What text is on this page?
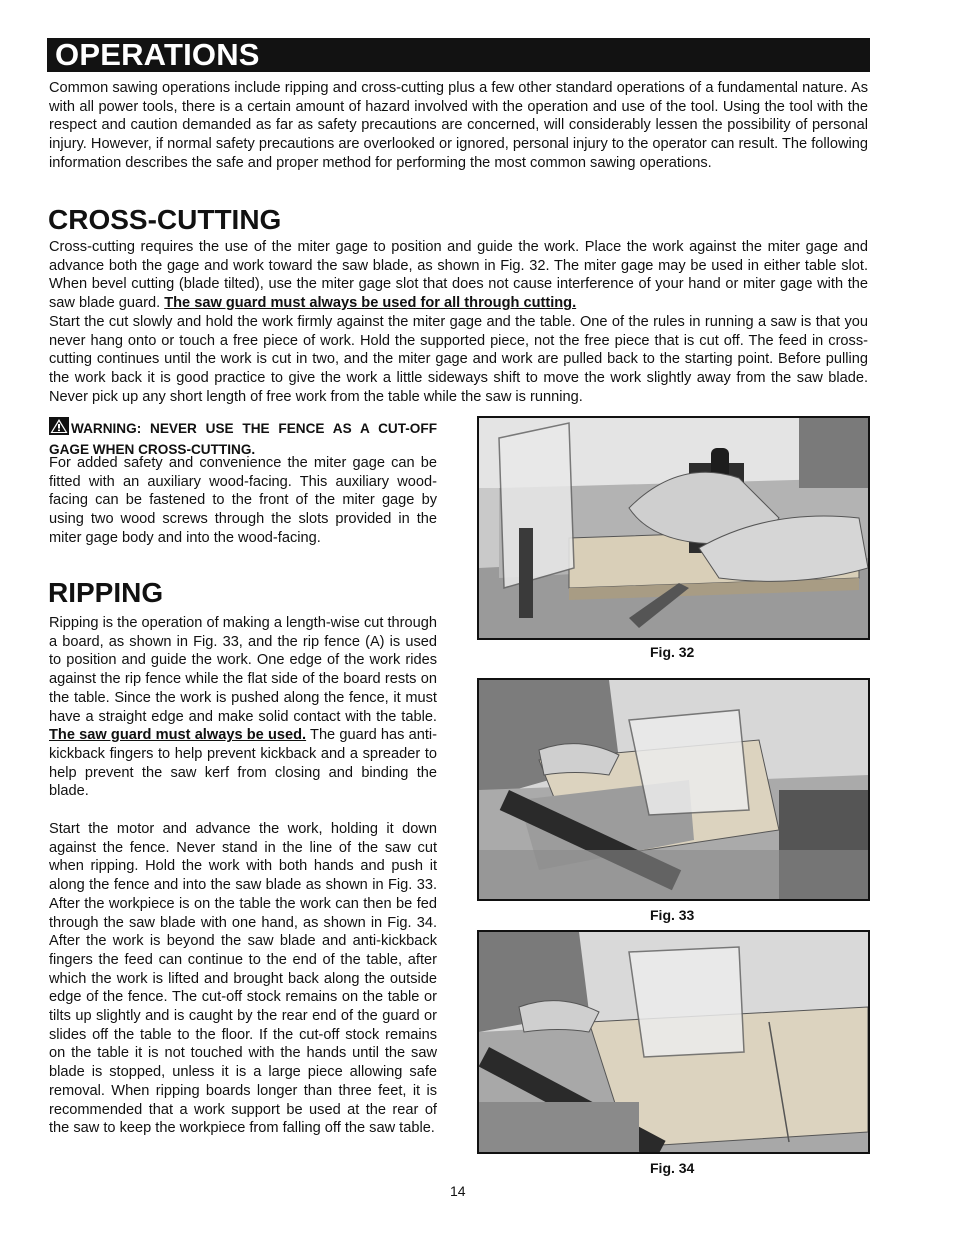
OPERATIONS

Common sawing operations include ripping and cross-cutting plus a few other standard operations of a fundamental nature. As with all power tools, there is a certain amount of hazard involved with the operation and use of the tool. Using the tool with the respect and caution demanded as far as safety precautions are concerned, will considerably lessen the possibility of personal injury. However, if normal safety precautions are overlooked or ignored, personal injury to the operator can result. The following information describes the safe and proper method for performing the most common sawing operations.

CROSS-CUTTING

Cross-cutting requires the use of the miter gage to position and guide the work. Place the work against the miter gage and advance both the gage and work toward the saw blade, as shown in Fig. 32. The miter gage may be used in either table slot. When bevel cutting (blade tilted), use the miter gage slot that does not cause interference of your hand or miter gage with the saw blade guard. The saw guard must always be used for all through cutting.

Start the cut slowly and hold the work firmly against the miter gage and the table. One of the rules in running a saw is that you never hang onto or touch a free piece of work. Hold the supported piece, not the free piece that is cut off. The feed in cross-cutting continues until the work is cut in two, and the miter gage and work are pulled back to the starting point. Before pulling the work back it is good practice to give the work a little sideways shift to move the work slightly away from the saw blade. Never pick up any short length of free work from the table while the saw is running.

WARNING: NEVER USE THE FENCE AS A CUT-OFF GAGE WHEN CROSS-CUTTING.

For added safety and convenience the miter gage can be fitted with an auxiliary wood-facing. This auxiliary wood-facing can be fastened to the front of the miter gage by using two wood screws through the slots provided in the miter gage body and into the wood-facing.

RIPPING

Ripping is the operation of making a length-wise cut through a board, as shown in Fig. 33, and the rip fence (A) is used to position and guide the work. One edge of the work rides against the rip fence while the flat side of the board rests on the table. Since the work is pushed along the fence, it must have a straight edge and make solid contact with the table. The saw guard must always be used. The guard has anti-kickback fingers to help prevent kickback and a spreader to help prevent the saw kerf from closing and binding the blade.

Start the motor and advance the work, holding it down against the fence. Never stand in the line of the saw cut when ripping. Hold the work with both hands and push it along the fence and into the saw blade as shown in Fig. 33. After the workpiece is on the table the work can then be fed through the saw blade with one hand, as shown in Fig. 34. After the work is beyond the saw blade and anti-kickback fingers the feed can continue to the end of the table, after which the work is lifted and brought back along the outside edge of the fence. The cut-off stock remains on the table or tilts up slightly and is caught by the rear end of the guard or slides off the table to the floor. If the cut-off stock remains on the table it is not touched with the hands until the saw blade is stopped, unless it is a large piece allowing safe removal. When ripping boards longer than three feet, it is recommended that a work support be used at the rear of the saw to keep the workpiece from falling off the saw table.

Fig. 32
Fig. 33
Fig. 34
14
